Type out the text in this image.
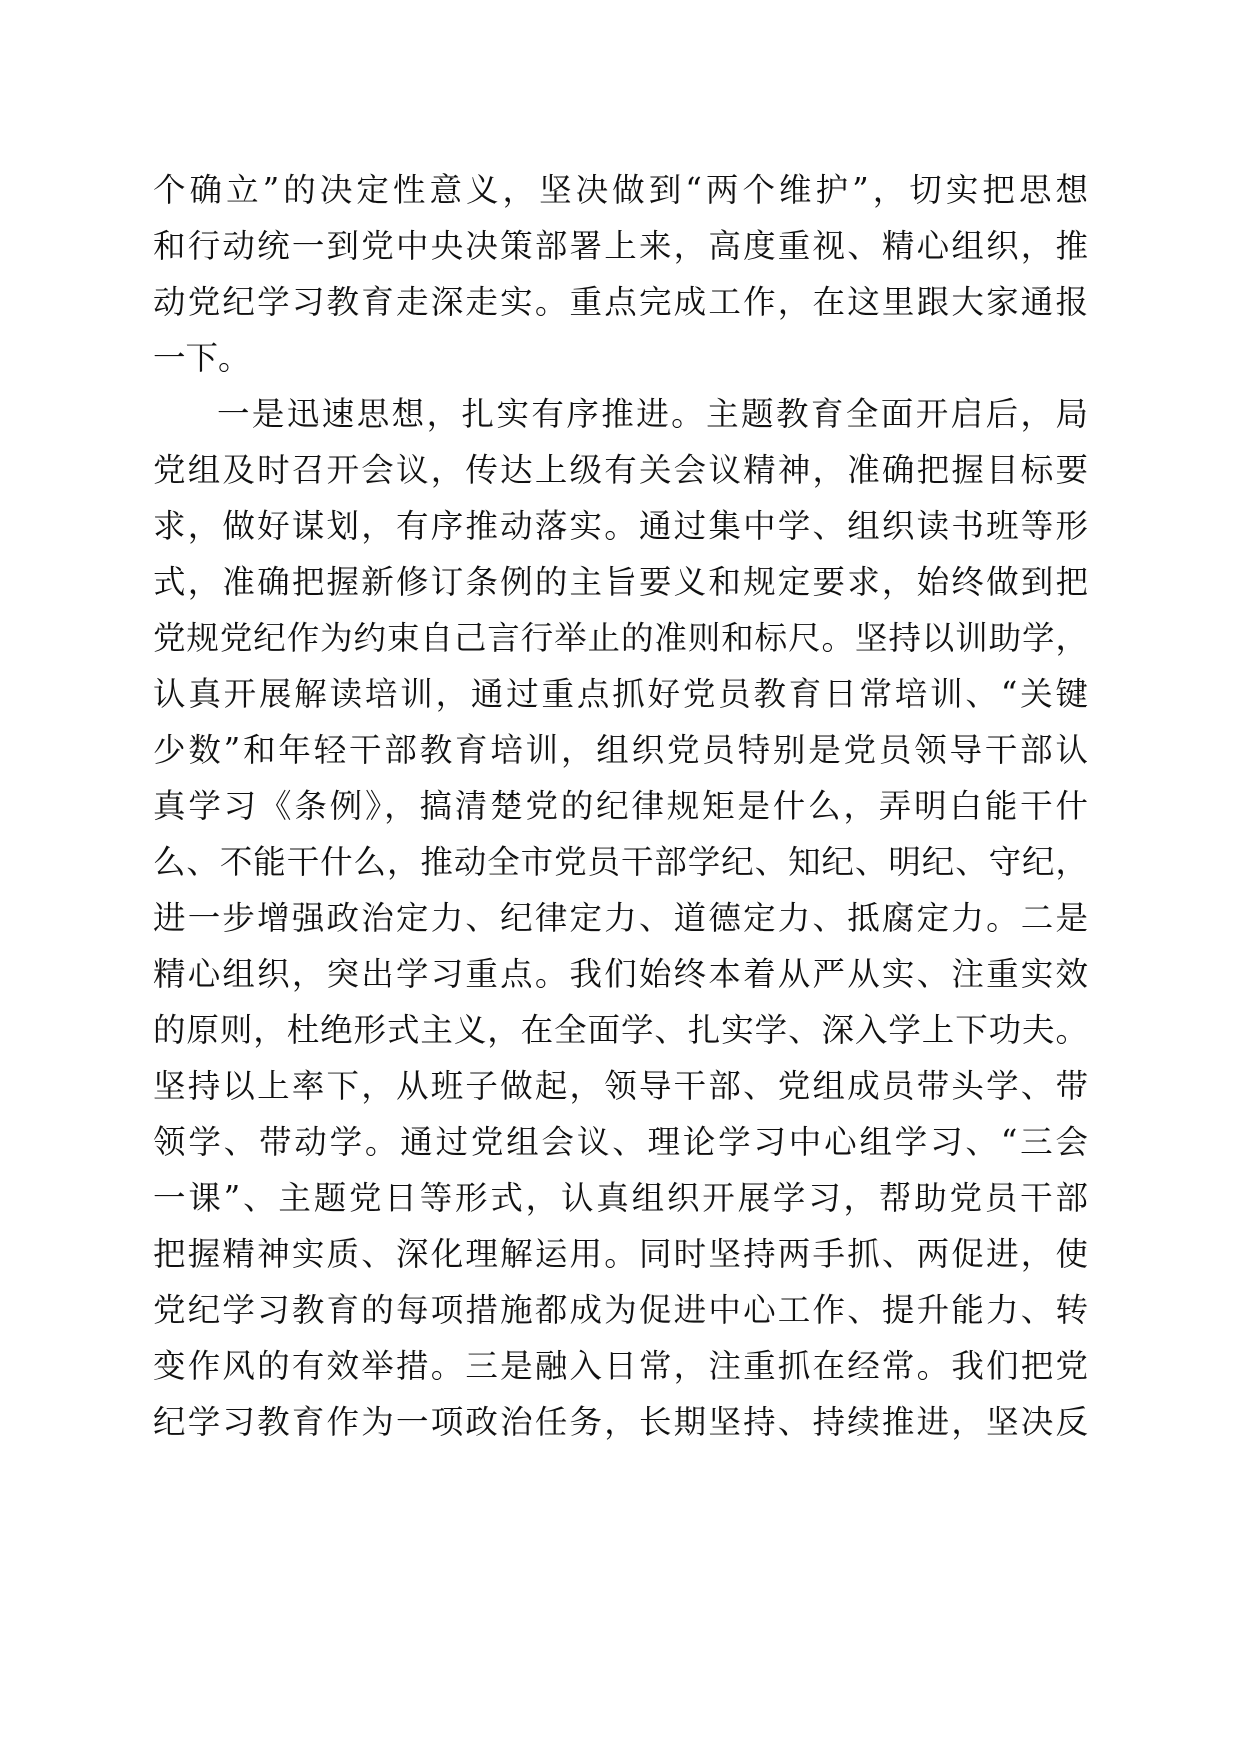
个确立”的决定性意义，坚决做到“两个维护”，切实把思想
和行动统一到党中央决策部署上来，高度重视、精心组织，推
动党纪学习教育走深走实。重点完成工作，在这里跟大家通报
一下。
一是迅速思想，扎实有序推进。主题教育全面开启后，局
党组及时召开会议，传达上级有关会议精神，准确把握目标要
求，做好谋划，有序推动落实。通过集中学、组织读书班等形
式，准确把握新修订条例的主旨要义和规定要求，始终做到把
党规党纪作为约束自己言行举止的准则和标尺。坚持以训助学，
认真开展解读培训，通过重点抓好党员教育日常培训、“关键
少数”和年轻干部教育培训，组织党员特别是党员领导干部认
真学习《条例》，搞清楚党的纪律规矩是什么，弄明白能干什
么、不能干什么，推动全市党员干部学纪、知纪、明纪、守纪，
进一步增强政治定力、纪律定力、道德定力、抵腐定力。二是
精心组织，突出学习重点。我们始终本着从严从实、注重实效
的原则，杜绝形式主义，在全面学、扎实学、深入学上下功夫。
坚持以上率下，从班子做起，领导干部、党组成员带头学、带
领学、带动学。通过党组会议、理论学习中心组学习、“三会
一课”、主题党日等形式，认真组织开展学习，帮助党员干部
把握精神实质、深化理解运用。同时坚持两手抓、两促进，使
党纪学习教育的每项措施都成为促进中心工作、提升能力、转
变作风的有效举措。三是融入日常，注重抓在经常。我们把党
纪学习教育作为一项政治任务，长期坚持、持续推进，坚决反
